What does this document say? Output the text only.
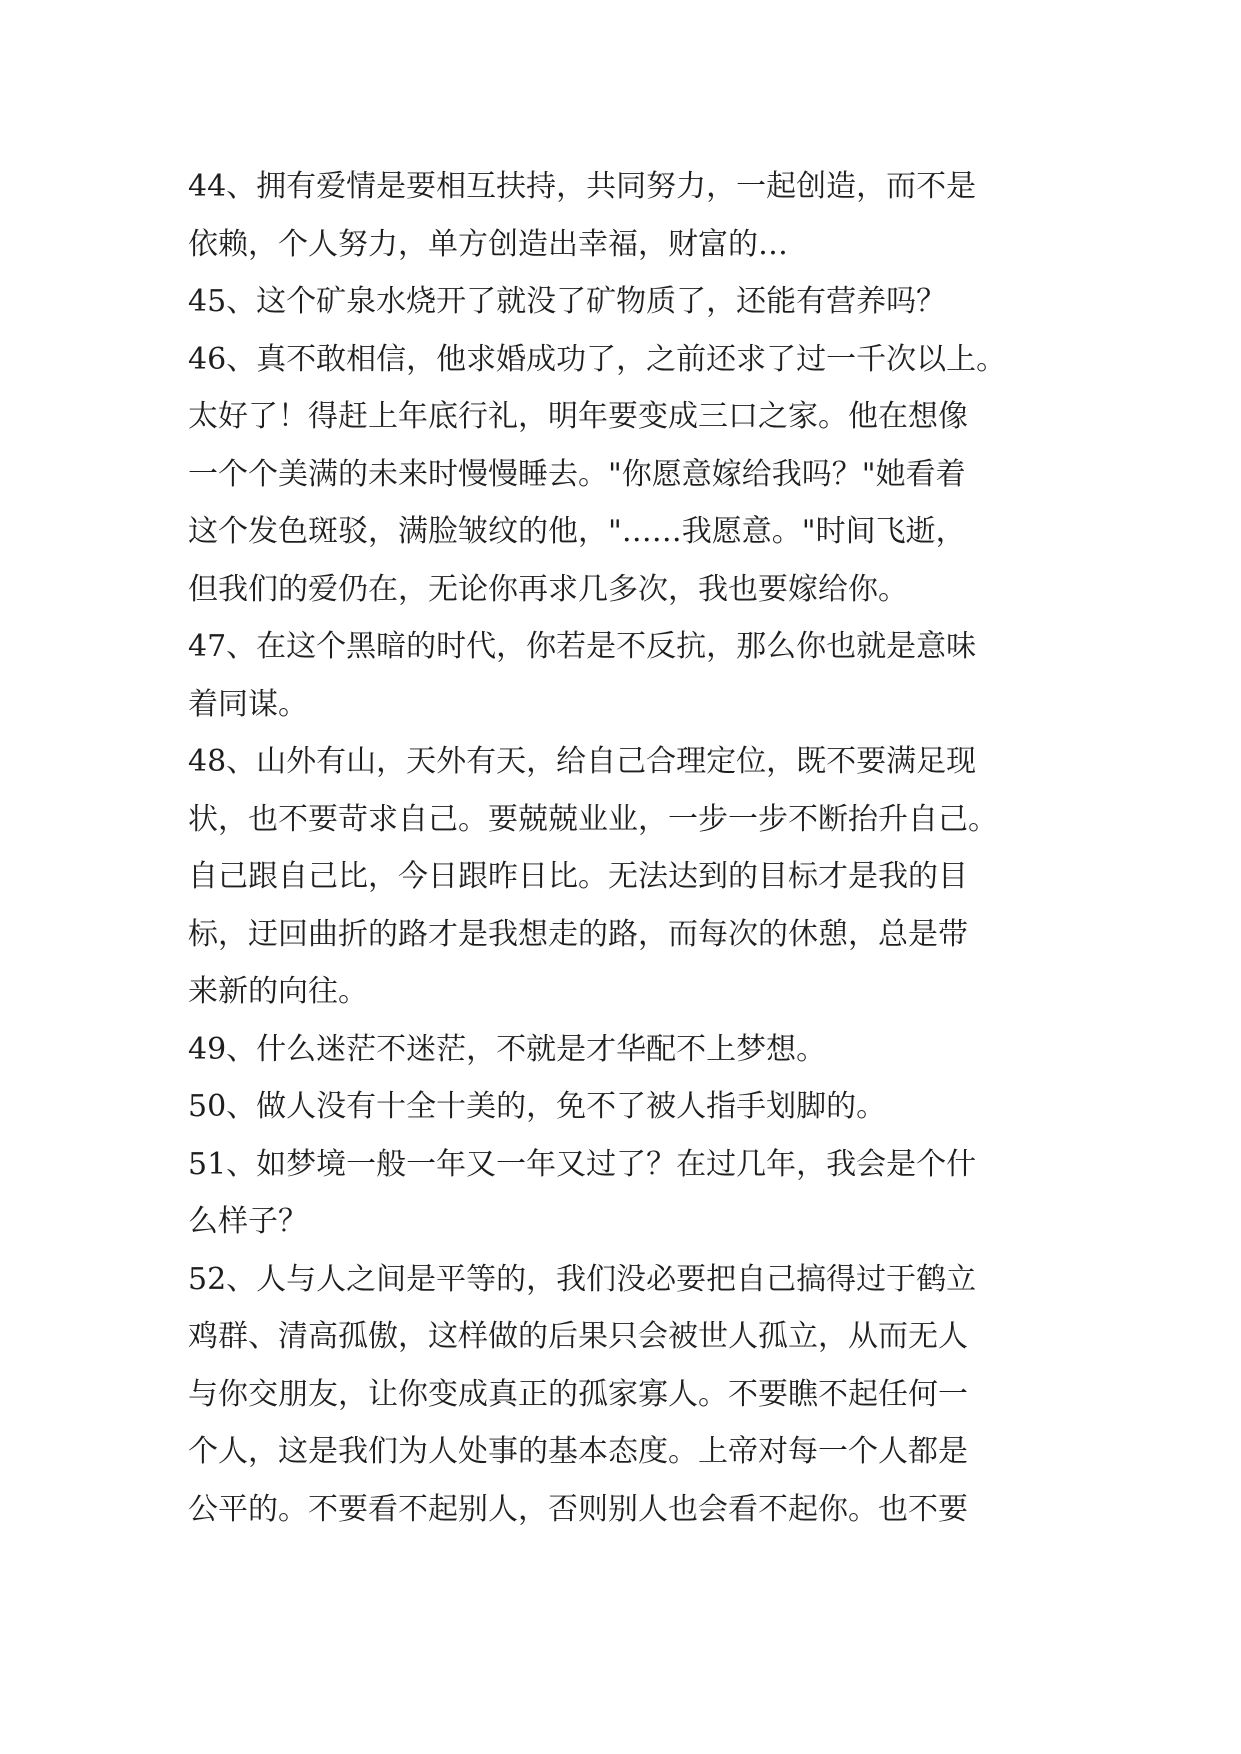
44、拥有爱情是要相互扶持，共同努力，一起创造，而不是
依赖，个人努力，单方创造出幸福，财富的…
45、这个矿泉水烧开了就没了矿物质了，还能有营养吗？
46、真不敢相信，他求婚成功了，之前还求了过一千次以上。
太好了！得赶上年底行礼，明年要变成三口之家。他在想像
一个个美满的未来时慢慢睡去。"你愿意嫁给我吗？"她看着
这个发色斑驳，满脸皱纹的他，"……我愿意。"时间飞逝，
但我们的爱仍在，无论你再求几多次，我也要嫁给你。
47、在这个黑暗的时代，你若是不反抗，那么你也就是意味
着同谋。
48、山外有山，天外有天，给自己合理定位，既不要满足现
状，也不要苛求自己。要兢兢业业，一步一步不断抬升自己。
自己跟自己比，今日跟昨日比。无法达到的目标才是我的目
标，迂回曲折的路才是我想走的路，而每次的休憩，总是带
来新的向往。
49、什么迷茫不迷茫，不就是才华配不上梦想。
50、做人没有十全十美的，免不了被人指手划脚的。
51、如梦境一般一年又一年又过了？在过几年，我会是个什
么样子？
52、人与人之间是平等的，我们没必要把自己搞得过于鹤立
鸡群、清高孤傲，这样做的后果只会被世人孤立，从而无人
与你交朋友，让你变成真正的孤家寡人。不要瞧不起任何一
个人，这是我们为人处事的基本态度。上帝对每一个人都是
公平的。不要看不起别人，否则别人也会看不起你。也不要
